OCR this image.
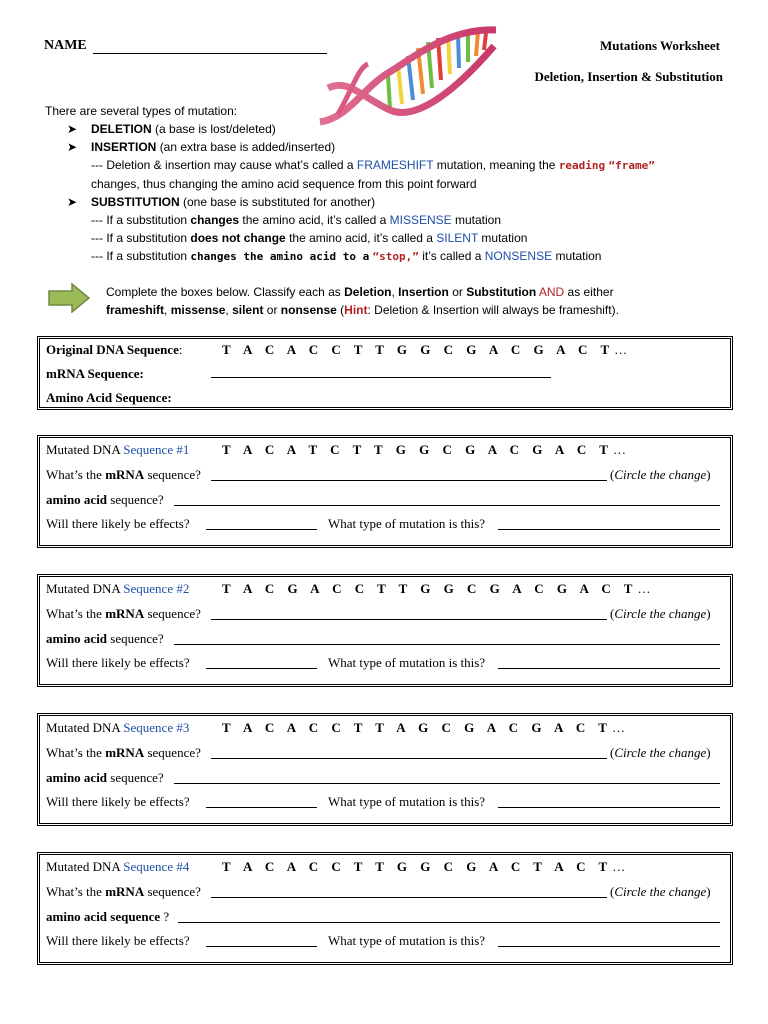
NAME	Mutations Worksheet
Deletion, Insertion & Substitution
There are several types of mutation:
➤ DELETION (a base is lost/deleted)
➤ INSERTION (an extra base is added/inserted)
--- Deletion & insertion may cause what’s called a FRAMESHIFT mutation, meaning the reading “frame”
changes, thus changing the amino acid sequence from this point forward
➤ SUBSTITUTION (one base is substituted for another)
--- If a substitution changes the amino acid, it’s called a MISSENSE mutation
--- If a substitution does not change the amino acid, it’s called a SILENT mutation
--- If a substitution changes the amino acid to a “stop,” it’s called a NONSENSE mutation
Complete the boxes below. Classify each as Deletion, Insertion or Substitution AND as either
frameshift, missense, silent or nonsense (Hint: Deletion & Insertion will always be frameshift).
Original DNA Sequence:	T A C A C C T T G G C G A C G A C T…
mRNA Sequence:
Amino Acid Sequence:
Mutated DNA Sequence #1	T A C A T C T T G G C G A C G A C T…
What’s the mRNA sequence?	(Circle the change)
amino acid sequence?
Will there likely be effects?	What type of mutation is this?
Mutated DNA Sequence #2	T A C G A C C T T G G C G A C G A C T…
What’s the mRNA sequence?	(Circle the change)
amino acid sequence?
Will there likely be effects?	What type of mutation is this?
Mutated DNA Sequence #3	T A C A C C T T A G C G A C G A C T…
What’s the mRNA sequence?	(Circle the change)
amino acid sequence?
Will there likely be effects?	What type of mutation is this?
Mutated DNA Sequence #4	T A C A C C T T G G C G A C T A C T…
What’s the mRNA sequence?	(Circle the change)
amino acid sequence ?
Will there likely be effects?	What type of mutation is this?
